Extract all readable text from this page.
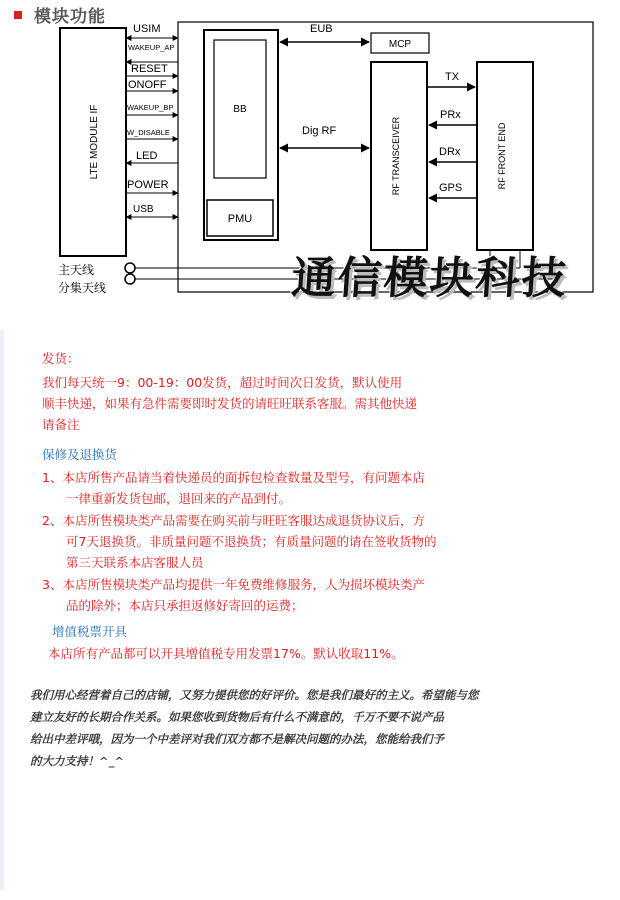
模块功能
LTE MODULE IF
USIM
WAKEUP_AP
RESET
ONOFF
WAKEUP_BP
W_DISABLE
LED
POWER
USB
BB
PMU
MCP
EUB
Dig RF	RF TRANSCEIVER	RF FRONT END
TX
PRx
DRx
GPS
主天线
分集天线	通信模块科技
发货：
我们每天统一9：00-19：00发货，超过时间次日发货，默认使用
顺丰快递，如果有急件需要即时发货的请旺旺联系客服。需其他快递
请备注
保修及退换货
1、本店所售产品请当着快递员的面拆包检查数量及型号，有问题本店
一律重新发货包邮，退回来的产品到付。
2、本店所售模块类产品需要在购买前与旺旺客服达成退货协议后，方
可7天退换货。非质量问题不退换货；有质量问题的请在签收货物的
第三天联系本店客服人员
3、本店所售模块类产品均提供一年免费维修服务，人为损坏模块类产
品的除外；本店只承担返修好寄回的运费；
增值税票开具
本店所有产品都可以开具增值税专用发票17%。默认收取11%。
我们用心经营着自己的店铺，又努力提供您的好评价。您是我们最好的主义。希望能与您
建立友好的长期合作关系。如果您收到货物后有什么不满意的，千万不要不说产品
给出中差评哦，因为一个中差评对我们双方都不是解决问题的办法，您能给我们予
的大力支持！^_^
